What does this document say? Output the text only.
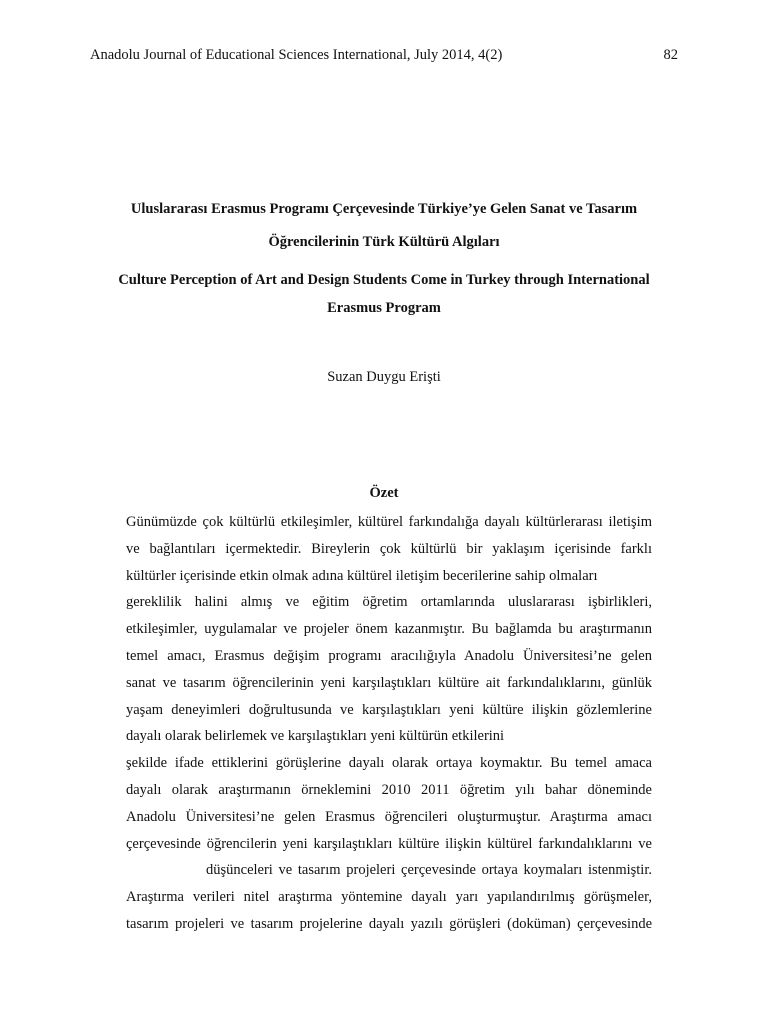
Anadolu Journal of Educational Sciences International, July 2014, 4(2)	82

Uluslararası Erasmus Programı Çerçevesinde Türkiye’ye Gelen Sanat ve Tasarım

Öğrencilerinin Türk Kültürü Algıları

Culture Perception of Art and Design Students Come in Turkey through International

Erasmus Program

Suzan Duygu Erişti
Özet
Günümüzde çok kültürlü etkileşimler, kültürel farkındalığa dayalı kültürlerarası iletişim
ve bağlantıları içermektedir. Bireylerin çok kültürlü bir yaklaşım içerisinde farklı
kültürler içerisinde etkin olmak adına kültürel iletişim becerilerine sahip olmaları
gereklilik halini almış ve eğitim öğretim ortamlarında uluslararası işbirlikleri,
etkileşimler, uygulamalar ve projeler önem kazanmıştır. Bu bağlamda bu araştırmanın
temel amacı, Erasmus değişim programı aracılığıyla Anadolu Üniversitesi’ne gelen
sanat ve tasarım öğrencilerinin yeni karşılaştıkları kültüre ait farkındalıklarını, günlük
yaşam deneyimleri doğrultusunda ve karşılaştıkları yeni kültüre ilişkin gözlemlerine
dayalı olarak belirlemek ve karşılaştıkları yeni kültürün etkilerini
şekilde ifade ettiklerini görüşlerine dayalı olarak ortaya koymaktır. Bu temel amaca
dayalı olarak araştırmanın örneklemini 2010 2011 öğretim yılı bahar döneminde
Anadolu Üniversitesi’ne gelen Erasmus öğrencileri oluşturmuştur. Araştırma amacı
çerçevesinde öğrencilerin yeni karşılaştıkları kültüre ilişkin kültürel farkındalıklarını ve
düşünceleri ve tasarım projeleri çerçevesinde ortaya koymaları istenmiştir.
Araştırma verileri nitel araştırma yöntemine dayalı yarı yapılandırılmış görüşmeler,
tasarım projeleri ve tasarım projelerine dayalı yazılı görüşleri (doküman) çerçevesinde
